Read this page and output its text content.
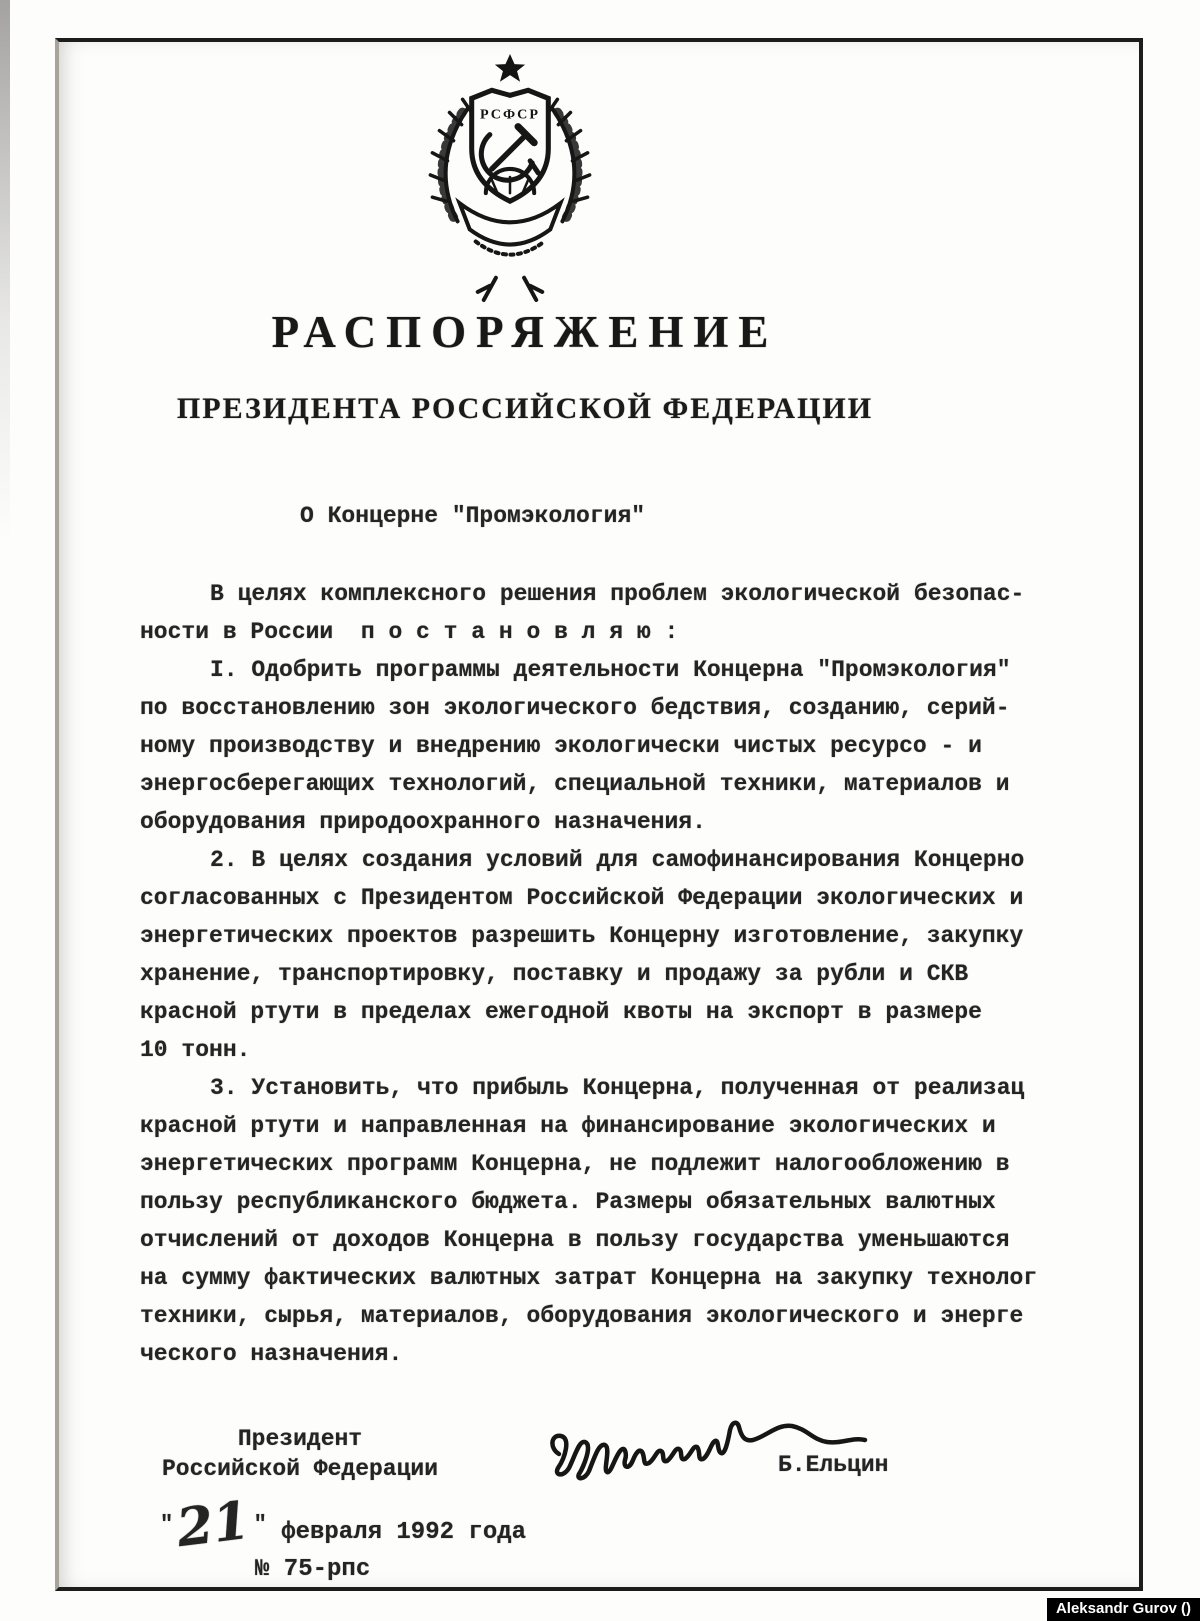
РСФСР
РАСПОРЯЖЕНИЕ
ПРЕЗИДЕНТА РОССИЙСКОЙ ФЕДЕРАЦИИ
О Концерне "Промэкология"
В целях комплексного решения проблем экологической безопас-
ности в России  п о с т а н о в л я ю :
I. Одобрить программы деятельности Концерна "Промэкология"
по восстановлению зон экологического бедствия, созданию, серий-
ному производству и внедрению экологически чистых ресурсо - и
энергосберегающих технологий, специальной техники, материалов и
оборудования природоохранного назначения.
2. В целях создания условий для самофинансирования Концерно
согласованных с Президентом Российской Федерации экологических и
энергетических проектов разрешить Концерну изготовление, закупку
хранение, транспортировку, поставку и продажу за рубли и СКВ
красной ртути в пределах ежегодной квоты на экспорт в размере
10 тонн.
3. Установить, что прибыль Концерна, полученная от реализац
красной ртути и направленная на финансирование экологических и
энергетических программ Концерна, не подлежит налогообложению в
пользу республиканского бюджета. Размеры обязательных валютных
отчислений от доходов Концерна в пользу государства уменьшаются
на сумму фактических валютных затрат Концерна на закупку технолог
техники, сырья, материалов, оборудования экологического и энерге
ческого назначения.
Президент
Российской Федерации	Б.Ельцин
"21" февраля 1992 года
№ 75-рпс
Aleksandr Gurov ()
